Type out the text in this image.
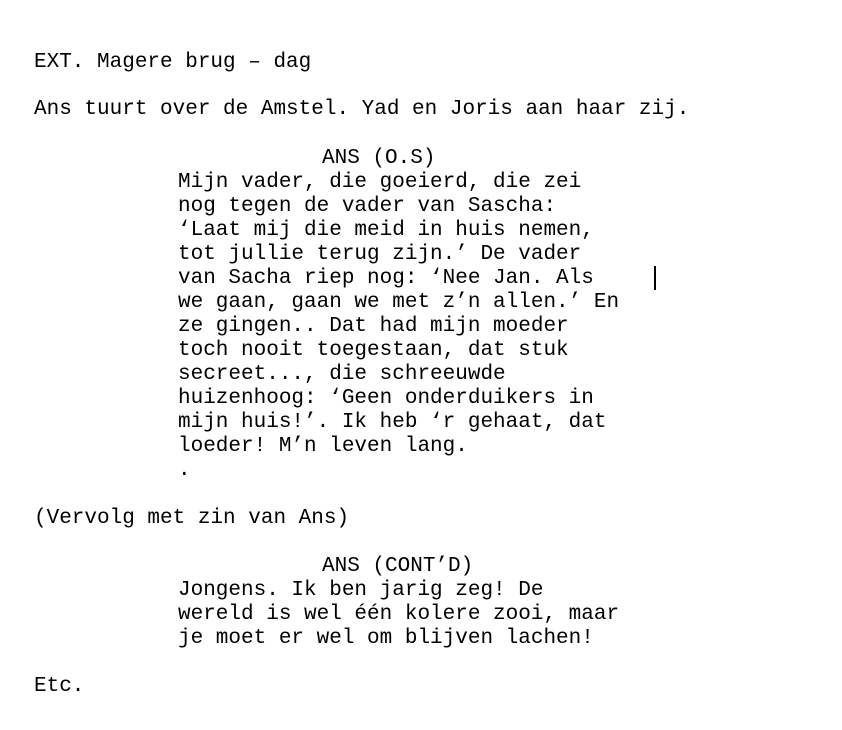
EXT. Magere brug – dag
Ans tuurt over de Amstel. Yad en Joris aan haar zij.
ANS (O.S)
Mijn vader, die goeierd, die zei
nog tegen de vader van Sascha:
‘Laat mij die meid in huis nemen,
tot jullie terug zijn.’ De vader
van Sacha riep nog: ‘Nee Jan. Als
we gaan, gaan we met z’n allen.’ En
ze gingen.. Dat had mijn moeder
toch nooit toegestaan, dat stuk
secreet..., die schreeuwde
huizenhoog: ‘Geen onderduikers in
mijn huis!’. Ik heb ‘r gehaat, dat
loeder! M’n leven lang.
.
(Vervolg met zin van Ans)
ANS (CONT’D)
Jongens. Ik ben jarig zeg! De
wereld is wel één kolere zooi, maar
je moet er wel om blijven lachen!
Etc.
